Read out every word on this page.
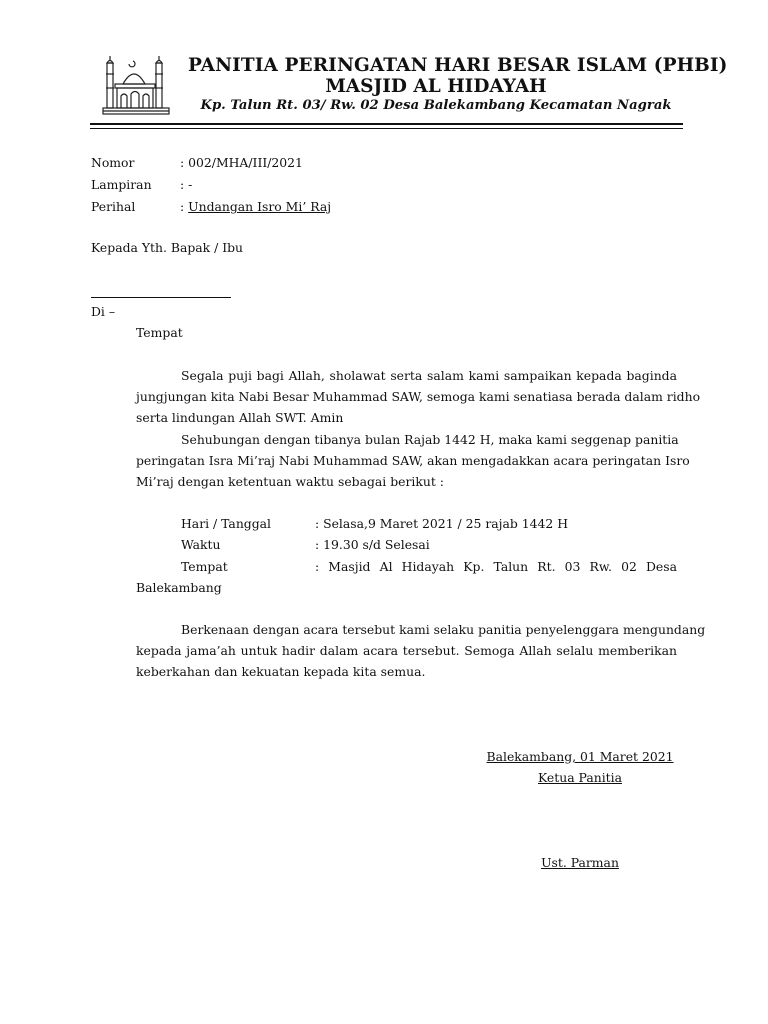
PANITIA PERINGATAN HARI BESAR ISLAM (PHBI)
MASJID AL HIDAYAH
Kp. Talun Rt. 03/ Rw. 02 Desa Balekambang Kecamatan Nagrak
Nomor	: 002/MHA/III/2021
Lampiran : -
Perihal	: Undangan Isro Mi’ Raj
Kepada Yth. Bapak / Ibu
Di –
Tempat
Segala puji bagi Allah, sholawat serta salam kami sampaikan kepada baginda
jungjungan kita Nabi Besar Muhammad SAW, semoga kami senatiasa berada dalam ridho
serta lindungan Allah SWT. Amin
Sehubungan dengan tibanya bulan Rajab 1442 H, maka kami seggenap panitia
peringatan Isra Mi’raj Nabi Muhammad SAW, akan mengadakkan acara peringatan Isro
Mi’raj dengan ketentuan waktu sebagai berikut :
Hari / Tanggal	: Selasa,9 Maret 2021 / 25 rajab 1442 H
Waktu	: 19.30 s/d Selesai
Tempat	: Masjid Al Hidayah Kp. Talun Rt. 03 Rw. 02 Desa
Balekambang
Berkenaan dengan acara tersebut kami selaku panitia penyelenggara mengundang
kepada jama’ah untuk hadir dalam acara tersebut. Semoga Allah selalu memberikan
keberkahan dan kekuatan kepada kita semua.
Balekambang, 01 Maret 2021
Ketua Panitia
Ust. Parman
